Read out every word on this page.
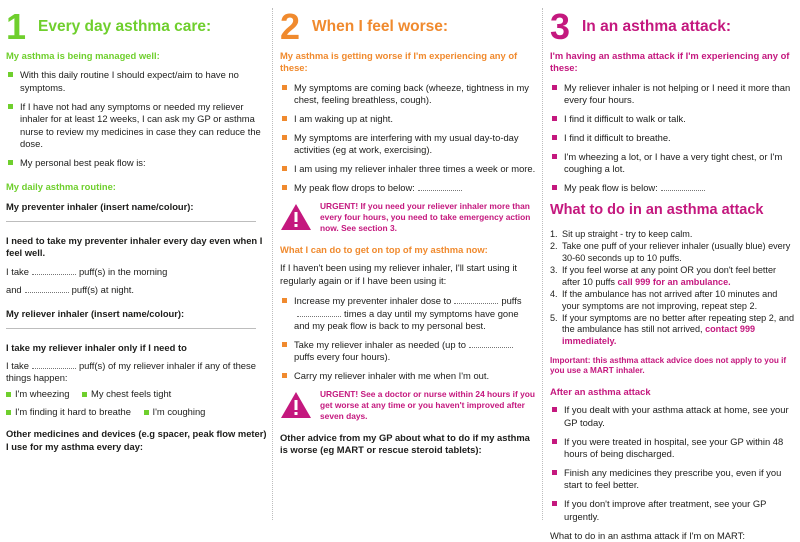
1 Every day asthma care:
My asthma is being managed well:
With this daily routine I should expect/aim to have no symptoms.
If I have not had any symptoms or needed my reliever inhaler for at least 12 weeks, I can ask my GP or asthma nurse to review my medicines in case they can reduce the dose.
My personal best peak flow is:
My daily asthma routine:
My preventer inhaler (insert name/colour):
I need to take my preventer inhaler every day even when I feel well.
I take	puff(s) in the morning
and	puff(s) at night.
My reliever inhaler (insert name/colour):
I take my reliever inhaler only if I need to
I take	puff(s) of my reliever inhaler if any of these things happen:
I'm wheezing My chest feels tight
I'm finding it hard to breathe I'm coughing
Other medicines and devices (e.g spacer, peak flow meter) I use for my asthma every day:
2 When I feel worse:
My asthma is getting worse if I'm experiencing any of these:
My symptoms are coming back (wheeze, tightness in my chest, feeling breathless, cough).
I am waking up at night.
My symptoms are interfering with my usual day-to-day activities (eg at work, exercising).
I am using my reliever inhaler three times a week or more.
My peak flow drops to below:
URGENT! If you need your reliever inhaler more than every four hours, you need to take emergency action now. See section 3.
What I can do to get on top of my asthma now:
If I haven't been using my reliever inhaler, I'll start using it regularly again or if I have been using it:
Increase my preventer inhaler dose to	puffstimes a day until my symptoms have gone and my peak flow is back to my personal best.
Take my reliever inhaler as needed (up topuffs every four hours).
Carry my reliever inhaler with me when I'm out.
URGENT! See a doctor or nurse within 24 hours if you get worse at any time or you haven't improved after seven days.
Other advice from my GP about what to do if my asthma is worse (eg MART or rescue steroid tablets):
3 In an asthma attack:
I'm having an asthma attack if I'm experiencing any of these:
My reliever inhaler is not helping or I need it more than every four hours.
I find it difficult to walk or talk.
I find it difficult to breathe.
I'm wheezing a lot, or I have a very tight chest, or I'm coughing a lot.
My peak flow is below:
What to do in an asthma attack
1. Sit up straight - try to keep calm.
2. Take one puff of your reliever inhaler (usually blue) every 30-60 seconds up to 10 puffs.
3. If you feel worse at any point OR you don't feel better after 10 puffs call 999 for an ambulance.
4. If the ambulance has not arrived after 10 minutes and your symptoms are not improving, repeat step 2.
5. If your symptoms are no better after repeating step 2, and the ambulance has still not arrived, contact 999 immediately.
Important: this asthma attack advice does not apply to you if you use a MART inhaler.
After an asthma attack
If you dealt with your asthma attack at home, see your GP today.
If you were treated in hospital, see your GP within 48 hours of being discharged.
Finish any medicines they prescribe you, even if you start to feel better.
If you don't improve after treatment, see your GP urgently.
What to do in an asthma attack if I'm on MART:
